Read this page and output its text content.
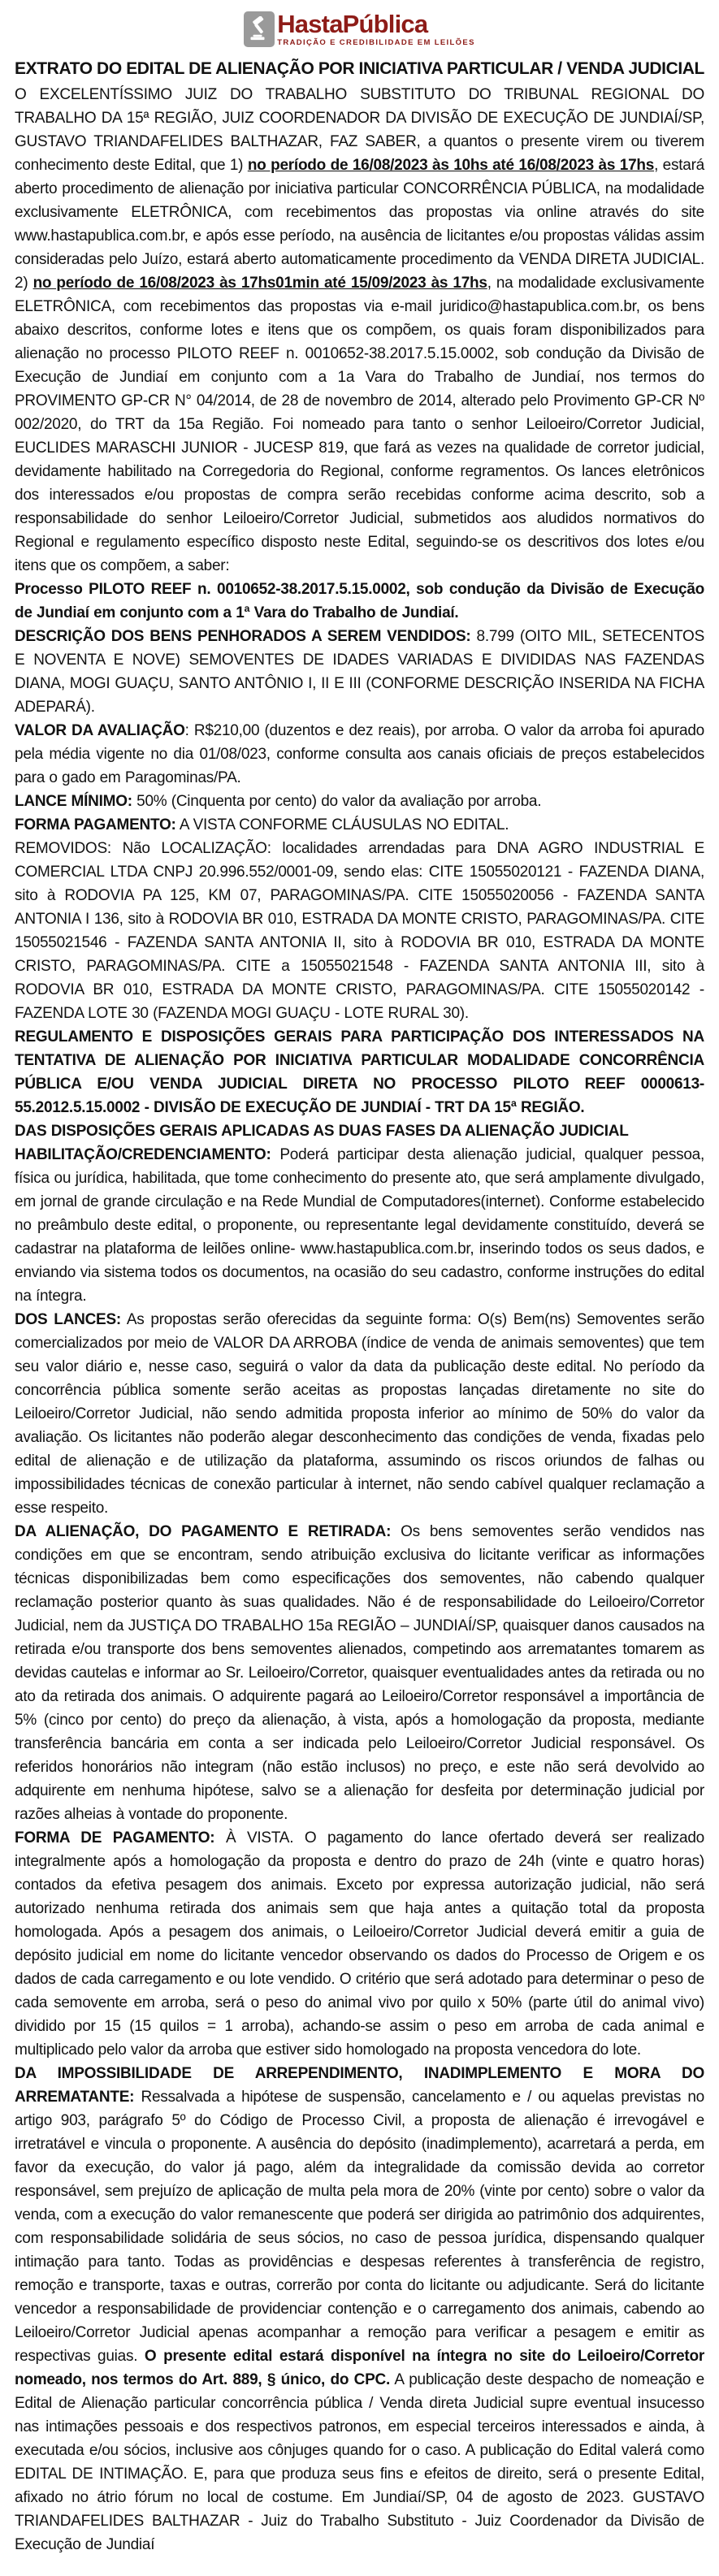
HastaPública
TRADIÇÃO E CREDIBILIDADE EM LEILÕES
EXTRATO DO EDITAL DE ALIENAÇÃO POR INICIATIVA PARTICULAR / VENDA JUDICIAL

O EXCELENTÍSSIMO JUIZ DO TRABALHO SUBSTITUTO DO TRIBUNAL REGIONAL DO TRABALHO DA 15ª REGIÃO, JUIZ COORDENADOR DA DIVISÃO DE EXECUÇÃO DE JUNDIAÍ/SP, GUSTAVO TRIANDAFELIDES BALTHAZAR, FAZ SABER, a quantos o presente virem ou tiverem conhecimento deste Edital, que 1) no período de 16/08/2023 às 10hs até 16/08/2023 às 17hs, estará aberto procedimento de alienação por iniciativa particular CONCORRÊNCIA PÚBLICA, na modalidade exclusivamente ELETRÔNICA, com recebimentos das propostas via online através do site www.hastapublica.com.br, e após esse período, na ausência de licitantes e/ou propostas válidas assim consideradas pelo Juízo, estará aberto automaticamente procedimento da VENDA DIRETA JUDICIAL. 2) no período de 16/08/2023 às 17hs01min até 15/09/2023 às 17hs, na modalidade exclusivamente ELETRÔNICA, com recebimentos das propostas via e-mail juridico@hastapublica.com.br, os bens abaixo descritos, conforme lotes e itens que os compõem, os quais foram disponibilizados para alienação no processo PILOTO REEF n. 0010652-38.2017.5.15.0002, sob condução da Divisão de Execução de Jundiaí em conjunto com a 1a Vara do Trabalho de Jundiaí, nos termos do PROVIMENTO GP-CR N° 04/2014, de 28 de novembro de 2014, alterado pelo Provimento GP-CR Nº 002/2020, do TRT da 15a Região. Foi nomeado para tanto o senhor Leiloeiro/Corretor Judicial, EUCLIDES MARASCHI JUNIOR - JUCESP 819, que fará as vezes na qualidade de corretor judicial, devidamente habilitado na Corregedoria do Regional, conforme regramentos. Os lances eletrônicos dos interessados e/ou propostas de compra serão recebidas conforme acima descrito, sob a responsabilidade do senhor Leiloeiro/Corretor Judicial, submetidos aos aludidos normativos do Regional e regulamento específico disposto neste Edital, seguindo-se os descritivos dos lotes e/ou itens que os compõem, a saber:

Processo PILOTO REEF n. 0010652-38.2017.5.15.0002, sob condução da Divisão de Execução de Jundiaí em conjunto com a 1ª Vara do Trabalho de Jundiaí.

DESCRIÇÃO DOS BENS PENHORADOS A SEREM VENDIDOS: 8.799 (OITO MIL, SETECENTOS E NOVENTA E NOVE) SEMOVENTES DE IDADES VARIADAS E DIVIDIDAS NAS FAZENDAS DIANA, MOGI GUAÇU, SANTO ANTÔNIO I, II E III (CONFORME DESCRIÇÃO INSERIDA NA FICHA ADEPARÁ).

VALOR DA AVALIAÇÃO: R$210,00 (duzentos e dez reais), por arroba. O valor da arroba foi apurado pela média vigente no dia 01/08/023, conforme consulta aos canais oficiais de preços estabelecidos para o gado em Paragominas/PA.

LANCE MÍNIMO: 50% (Cinquenta por cento) do valor da avaliação por arroba.

FORMA PAGAMENTO: A VISTA CONFORME CLÁUSULAS NO EDITAL.

REMOVIDOS: Não LOCALIZAÇÃO: localidades arrendadas para DNA AGRO INDUSTRIAL E COMERCIAL LTDA CNPJ 20.996.552/0001-09, sendo elas: CITE 15055020121 - FAZENDA DIANA, sito à RODOVIA PA 125, KM 07, PARAGOMINAS/PA. CITE 15055020056 - FAZENDA SANTA ANTONIA I 136, sito à RODOVIA BR 010, ESTRADA DA MONTE CRISTO, PARAGOMINAS/PA. CITE 15055021546 - FAZENDA SANTA ANTONIA II, sito à RODOVIA BR 010, ESTRADA DA MONTE CRISTO, PARAGOMINAS/PA. CITE a 15055021548 - FAZENDA SANTA ANTONIA III, sito à RODOVIA BR 010, ESTRADA DA MONTE CRISTO, PARAGOMINAS/PA. CITE 15055020142 - FAZENDA LOTE 30 (FAZENDA MOGI GUAÇU - LOTE RURAL 30).

REGULAMENTO E DISPOSIÇÕES GERAIS PARA PARTICIPAÇÃO DOS INTERESSADOS NA TENTATIVA DE ALIENAÇÃO POR INICIATIVA PARTICULAR MODALIDADE CONCORRÊNCIA PÚBLICA E/OU VENDA JUDICIAL DIRETA NO PROCESSO PILOTO REEF 0000613-55.2012.5.15.0002 - DIVISÃO DE EXECUÇÃO DE JUNDIAÍ - TRT DA 15ª REGIÃO.

DAS DISPOSIÇÕES GERAIS APLICADAS AS DUAS FASES DA ALIENAÇÃO JUDICIAL

HABILITAÇÃO/CREDENCIAMENTO: Poderá participar desta alienação judicial, qualquer pessoa, física ou jurídica, habilitada, que tome conhecimento do presente ato, que será amplamente divulgado, em jornal de grande circulação e na Rede Mundial de Computadores(internet). Conforme estabelecido no preâmbulo deste edital, o proponente, ou representante legal devidamente constituído, deverá se cadastrar na plataforma de leilões online- www.hastapublica.com.br, inserindo todos os seus dados, e enviando via sistema todos os documentos, na ocasião do seu cadastro, conforme instruções do edital na íntegra.

DOS LANCES: As propostas serão oferecidas da seguinte forma: O(s) Bem(ns) Semoventes serão comercializados por meio de VALOR DA ARROBA (índice de venda de animais semoventes) que tem seu valor diário e, nesse caso, seguirá o valor da data da publicação deste edital. No período da concorrência pública somente serão aceitas as propostas lançadas diretamente no site do Leiloeiro/Corretor Judicial, não sendo admitida proposta inferior ao mínimo de 50% do valor da avaliação. Os licitantes não poderão alegar desconhecimento das condições de venda, fixadas pelo edital de alienação e de utilização da plataforma, assumindo os riscos oriundos de falhas ou impossibilidades técnicas de conexão particular à internet, não sendo cabível qualquer reclamação a esse respeito.

DA ALIENAÇÃO, DO PAGAMENTO E RETIRADA: Os bens semoventes serão vendidos nas condições em que se encontram, sendo atribuição exclusiva do licitante verificar as informações técnicas disponibilizadas bem como especificações dos semoventes, não cabendo qualquer reclamação posterior quanto às suas qualidades. Não é de responsabilidade do Leiloeiro/Corretor Judicial, nem da JUSTIÇA DO TRABALHO 15a REGIÃO – JUNDIAÍ/SP, quaisquer danos causados na retirada e/ou transporte dos bens semoventes alienados, competindo aos arrematantes tomarem as devidas cautelas e informar ao Sr. Leiloeiro/Corretor, quaisquer eventualidades antes da retirada ou no ato da retirada dos animais. O adquirente pagará ao Leiloeiro/Corretor responsável a importância de 5% (cinco por cento) do preço da alienação, à vista, após a homologação da proposta, mediante transferência bancária em conta a ser indicada pelo Leiloeiro/Corretor Judicial responsável. Os referidos honorários não integram (não estão inclusos) no preço, e este não será devolvido ao adquirente em nenhuma hipótese, salvo se a alienação for desfeita por determinação judicial por razões alheias à vontade do proponente.

FORMA DE PAGAMENTO: À VISTA. O pagamento do lance ofertado deverá ser realizado integralmente após a homologação da proposta e dentro do prazo de 24h (vinte e quatro horas) contados da efetiva pesagem dos animais. Exceto por expressa autorização judicial, não será autorizado nenhuma retirada dos animais sem que haja antes a quitação total da proposta homologada. Após a pesagem dos animais, o Leiloeiro/Corretor Judicial deverá emitir a guia de depósito judicial em nome do licitante vencedor observando os dados do Processo de Origem e os dados de cada carregamento e ou lote vendido. O critério que será adotado para determinar o peso de cada semovente em arroba, será o peso do animal vivo por quilo x 50% (parte útil do animal vivo) dividido por 15 (15 quilos = 1 arroba), achando-se assim o peso em arroba de cada animal e multiplicado pelo valor da arroba que estiver sido homologado na proposta vencedora do lote.

DA IMPOSSIBILIDADE DE ARREPENDIMENTO, INADIMPLEMENTO E MORA DO ARREMATANTE: Ressalvada a hipótese de suspensão, cancelamento e / ou aquelas previstas no artigo 903, parágrafo 5º do Código de Processo Civil, a proposta de alienação é irrevogável e irretratável e vincula o proponente. A ausência do depósito (inadimplemento), acarretará a perda, em favor da execução, do valor já pago, além da integralidade da comissão devida ao corretor responsável, sem prejuízo de aplicação de multa pela mora de 20% (vinte por cento) sobre o valor da venda, com a execução do valor remanescente que poderá ser dirigida ao patrimônio dos adquirentes, com responsabilidade solidária de seus sócios, no caso de pessoa jurídica, dispensando qualquer intimação para tanto. Todas as providências e despesas referentes à transferência de registro, remoção e transporte, taxas e outras, correrão por conta do licitante ou adjudicante. Será do licitante vencedor a responsabilidade de providenciar contenção e o carregamento dos animais, cabendo ao Leiloeiro/Corretor Judicial apenas acompanhar a remoção para verificar a pesagem e emitir as respectivas guias. O presente edital estará disponível na íntegra no site do Leiloeiro/Corretor nomeado, nos termos do Art. 889, § único, do CPC. A publicação deste despacho de nomeação e Edital de Alienação particular concorrência pública / Venda direta Judicial supre eventual insucesso nas intimações pessoais e dos respectivos patronos, em especial terceiros interessados e ainda, à executada e/ou sócios, inclusive aos cônjuges quando for o caso. A publicação do Edital valerá como EDITAL DE INTIMAÇÃO. E, para que produza seus fins e efeitos de direito, será o presente Edital, afixado no átrio fórum no local de costume. Em Jundiaí/SP, 04 de agosto de 2023. GUSTAVO TRIANDAFELIDES BALTHAZAR - Juiz do Trabalho Substituto - Juiz Coordenador da Divisão de Execução de Jundiaí
